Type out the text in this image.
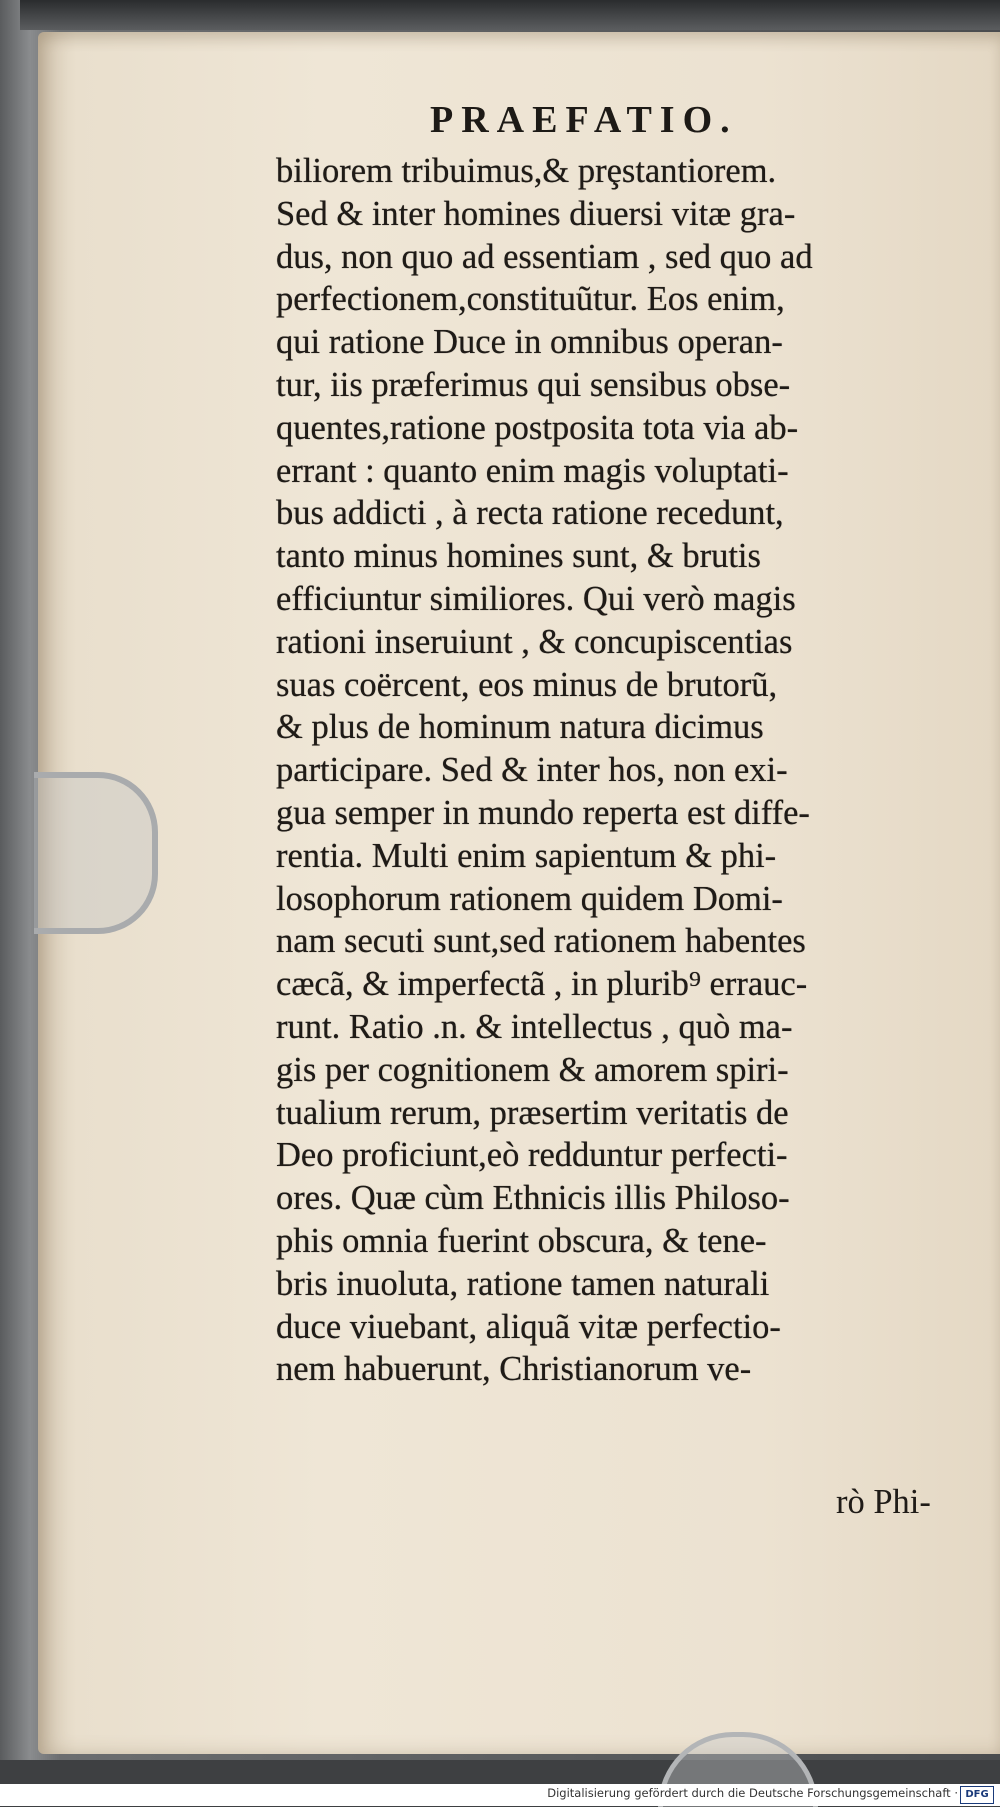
PRAEFATIO.
biliorem tribuimus,& prȩstantiorem.
Sed & inter homines diuersi vitæ gra-
dus, non quo ad essentiam , sed quo ad
perfectionem,constituũtur. Eos enim,
qui ratione Duce in omnibus operan-
tur, iis præferimus qui sensibus obse-
quentes,ratione postposita tota via ab-
errant : quanto enim magis voluptati-
bus addicti , à recta ratione recedunt,
tanto minus homines sunt, & brutis
efficiuntur similiores. Qui verò magis
rationi inseruiunt , & concupiscentias
suas coërcent, eos minus de brutorũ,
& plus de hominum natura dicimus
participare. Sed & inter hos, non exi-
gua semper in mundo reperta est diffe-
rentia. Multi enim sapientum & phi-
losophorum rationem quidem Domi-
nam secuti sunt,sed rationem habentes
cæcã, & imperfectã , in plurib⁹ errauc-
runt. Ratio .n. & intellectus , quò ma-
gis per cognitionem & amorem spiri-
tualium rerum, præsertim veritatis de
Deo proficiunt,eò redduntur perfecti-
ores. Quæ cùm Ethnicis illis Philoso-
phis omnia fuerint obscura, & tene-
bris inuoluta, ratione tamen naturali
duce viuebant, aliquã vitæ perfectio-
nem habuerunt, Christianorum ve-
rò Phi-
Digitalisierung gefördert durch die Deutsche Forschungsgemeinschaft · DFG
